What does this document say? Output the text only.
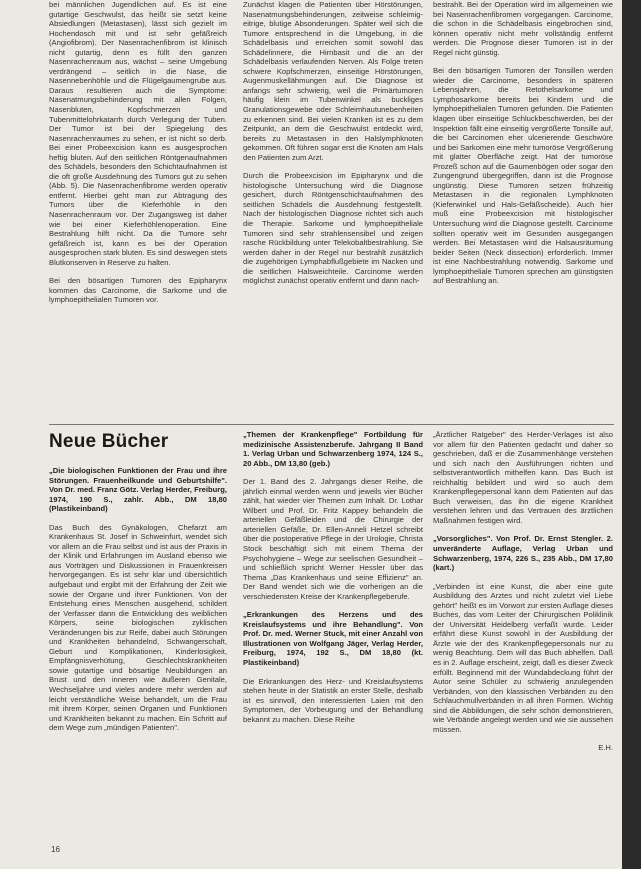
bei männlichen Jugendlichen auf. Es ist eine gutartige Geschwulst, das heißt sie setzt keine Absiedlungen (Metastasen), lässt sich gezielt im Hochendosch mit und ist sehr gefäßreich (Angiofibrom). Der Nasenrachenfibrom ist klinisch nicht gutartig, denn es füllt den ganzen Nasenrachenraum aus, wächst – seine Umgebung verdrängend – seitlich in die Nase, die Nasennebenhöhle und die Flügelgaumengrube aus. Daraus resultieren auch die Symptome: Nasenatmungsbehinderung mit allen Folgen, Nasenbluten, Kopfschmerzen und Tubenmittelohrkatarrh durch Verlegung der Tuben. Der Tumor ist bei der Spiegelung des Nasenrachenraumes zu sehen, er ist nicht so derb. Bei einer Probeexcision kann es ausgesprochen heftig bluten. Auf den seitlichen Röntgenaufnahmen des Schädels, besonders den Schichtaufnahmen ist die oft große Ausdehnung des Tumors gut zu sehen (Abb. 5). Die Nasenrachenfibrome werden operativ entfernt. Hierbei geht man zur Abtragung des Tumors über die Kieferhöhle in den Nasenrachenraum vor. Der Zugangsweg ist daher wie bei einer Kieferhöhlenoperation. Eine Bestrahlung hilft nicht. Da die Tumore sehr gefäßreich ist, kann es bei der Operation ausgesprochen stark bluten. Es sind deswegen stets Blutkonserven in Reserve zu halten.

Bei den bösartigen Tumoren des Epipharynx kommen das Carcinome, die Sarkome und die lymphoepithelialen Tumoren vor.

Zunächst klagen die Patienten über Hörstörungen, Nasenatmungsbehinderungen, zeitweise schleimig-eitrige, blutige Absonderungen. Später weil sich die Tumore entsprechend in die Umgebung, in die Schädelbasis und erreichen somit sowohl das Schädelinnere, die Hirnbasit und die an der Schädelbasis verlaufenden Nerven. Als Folge treten schwere Kopfschmerzen, einseitige Hörstörungen, Augenmuskellähmungen auf. Die Diagnose ist anfangs sehr schwierig, weil die Primärtumoren häufig klein im Tubenwinkel als buckliges Granulationsgewebe oder Schleimhautunebenheiten zu erkennen sind. Bei vielen Kranken ist es zu dem Zeitpunkt, an dem die Geschwulst entdeckt wird, bereits zu Metastasen in den Halslymphknoten gekommen. Oft führen sogar erst die Knoten am Hals den Patienten zum Arzt.

Durch die Probeexcision im Epipharynx und die histologische Untersuchung wird die Diagnose gesichert, durch Röntgenschichtaufnahmen des seitlichen Schädels die Ausdehnung festgestellt. Nach der histologischen Diagnose richtet sich auch die Therapie. Sarkome und lymphoepitheliale Tumoren sind sehr strahlensensibel und zeigen rasche Rückbildung unter Telekobaltbestrahlung. Sie werden daher in der Regel nur bestrahlt zusätzlich die zugehörigen Lymphabflußgebiete im Nacken und die seitlichen Halsweichteile. Carcinome werden möglichst zunächst operativ entfernt und dann nach-

bestrahlt. Bei der Operation wird im allgemeinen wie bei Nasenrachenfibromen vorgegangen. Carcinome, die schon in die Schädelbasis eingebrochen sind, können operativ nicht mehr vollständig entfernt werden. Die Prognose dieser Tumoren ist in der Regel nicht günstig.

Bei den bösartigen Tumoren der Tonsillen werden wieder die Carcinome, besonders in späteren Lebensjahren, die Retothelsarkome und Lymphosarkome bereits bei Kindern und die lymphoepithelialen Tumoren gefunden. Die Patienten klagen über einseitige Schluckbeschwerden, bei der Inspektion fällt eine einseitig vergrößerte Tonsille auf, die bei Carcinomen eher ulcerierende Geschwüre und bei Sarkomen eine mehr tumoröse Vergrößerung mit glatter Oberfläche zeigt. Hat der tumoröse Prozeß schon auf die Gaumenbögen oder sogar den Zungengrund übergegriffen, dann ist die Prognose ungünstig. Diese Tumoren setzen frühzeitig Metastasen in die regionalen Lymphknoten (Kieferwinkel und Hals-Gefäßscheide). Auch hier muß eine Probeexcision mit histologischer Untersuchung wird die Diagnose gestellt. Carcinome sollten operativ weit im Gesunden ausgegangen werden. Bei Metastasen wird die Halsausräumung beider Seiten (Neck dissection) erforderlich. Immer ist eine Nachbestrahlung notwendig. Sarkome und lymphoepitheliale Tumoren sprechen am günstigsten auf Bestrahlung an.

Neue Bücher

„Die biologischen Funktionen der Frau und ihre Störungen. Frauenheilkunde und Geburtshilfe". Von Dr. med. Franz Götz. Verlag Herder, Freiburg, 1974, 190 S., zahlr. Abb., DM 18,80 (Plastikeinband)

Das Buch des Gynäkologen, Chefarzt am Krankenhaus St. Josef in Schweinfurt, wendet sich vor allem an die Frau selbst und ist aus der Praxis in der Klinik und Erfahrungen im Ausland ebenso wie aus Vorträgen und Diskussionen in Frauenkreisen hervorgegangen. Es ist sehr klar und übersichtlich aufgebaut und ergibt mit der Erfahrung der Zeit wie sowie der Organe und ihrer Funktionen. Von der Entstehung eines Menschen ausgehend, schildert der Verfasser dann die Entwicklung des weiblichen Körpers, seine biologischen zyklischen Veränderungen bis zur Reife, dabei auch Störungen und Krankheiten behandelnd, Schwangerschaft, Geburt und Komplikationen, Kinderlosigkeit, Empfängnisverhütung, Geschlechtskrankheiten sowie gutartige und bösartige Neubildungen an Brust und den inneren wie äußeren Genitale, Wechseljahre und vieles andere mehr werden auf leicht verständliche Weise behandelt, um die Frau mit ihrem Körper, seinen Organen und Funktionen und Krankheiten bekannt zu machen. Ein Schritt auf dem Wege zum „mündigen Patienten".

„Themen der Krankenpflege" Fortbildung für medizinische Assistenzberufe. Jahrgang II Band 1. Verlag Urban und Schwarzenberg 1974, 124 S., 20 Abb., DM 13,80 (geb.)

Der 1. Band des 2. Jahrgangs dieser Reihe, die jährlich einmal werden wenn und jeweils vier Bücher zählt, hat wieder vier Themen zum Inhalt. Dr. Lothar Wilbert und Prof. Dr. Fritz Kappey behandeln die arteriellen Gefäßleiden und die Chirurgie der arteriellen Gefäße, Dr. Ellen-Anneli Hetzel schreibt über die postoperative Pflege in der Urologie, Christa Stock beschäftigt sich mit einem Thema der Psychohygiene – Wege zur seelischen Gesundheit – und schließlich spricht Werner Hessler über das Thema „Das Krankenhaus und seine Effizienz" an. Der Band wendet sich wie die vorherigen an die verschiedensten Kreise der Krankenpflegeberufe.

„Erkrankungen des Herzens und des Kreislaufsystems und ihre Behandlung". Von Prof. Dr. med. Werner Stuck, mit einer Anzahl von Illustrationen von Wolfgang Jäger, Verlag Herder, Freiburg, 1974, 192 S., DM 18,80 (kt. Plastikeinband)

Die Erkrankungen des Herz- und Kreislaufsystems stehen heute in der Statistik an erster Stelle, deshalb ist es sinnvoll, den interessierten Laien mit den Symptomen, der Vorbeugung und der Behandlung bekannt zu machen. Diese Reihe

„Ärztlicher Ratgeber" des Herder-Verlages ist also vor allem für den Patienten gedacht und daher so geschrieben, daß er die Zusammenhänge verstehen und sich nach den Ausführungen richten und selbstverantwortlich mithelfen kann. Das Buch ist reichhaltig bebildert und wird so auch dem Krankenpflegepersonal kann dem Patienten auf das Buch verweisen, das ihn die eigene Krankheit verstehen lehren und das Vertrauen des ärztlichen Maßnahmen festigen wird.

„Vorsorgliches". Von Prof. Dr. Ernst Stengler. 2. unveränderte Auflage, Verlag Urban und Schwarzenberg, 1974, 226 S., 235 Abb., DM 17,80 (kart.)

„Verbinden ist eine Kunst, die aber eine gute Ausbildung des Arztes und nicht zuletzt viel Liebe gehört" heißt es im Vorwort zur ersten Auflage dieses Buches, das vom Leiter der Chirurgischen Poliklinik der Universität Heidelberg verfaßt wurde. Leider erfährt diese Kunst sowohl in der Ausbildung der Ärzte wie der des Krankenpflegepersonals nur zu wenig Beachtung. Dem will das Buch abhelfen. Daß es in 2. Auflage erscheint, zeigt, daß es dieser Zweck erfüllt. Beginnend mit der Wundabdeckung führt der Autor seine Schüler zu schwierig anzulegenden Verbänden, von den klassischen Verbänden zu den Schlauchmullverbänden in all ihren Formen. Wichtig sind die Abbildungen, die sehr schön demonstrieren, wie Verbände angelegt werden und wie sie aussehen müssen.

E.H.
16
